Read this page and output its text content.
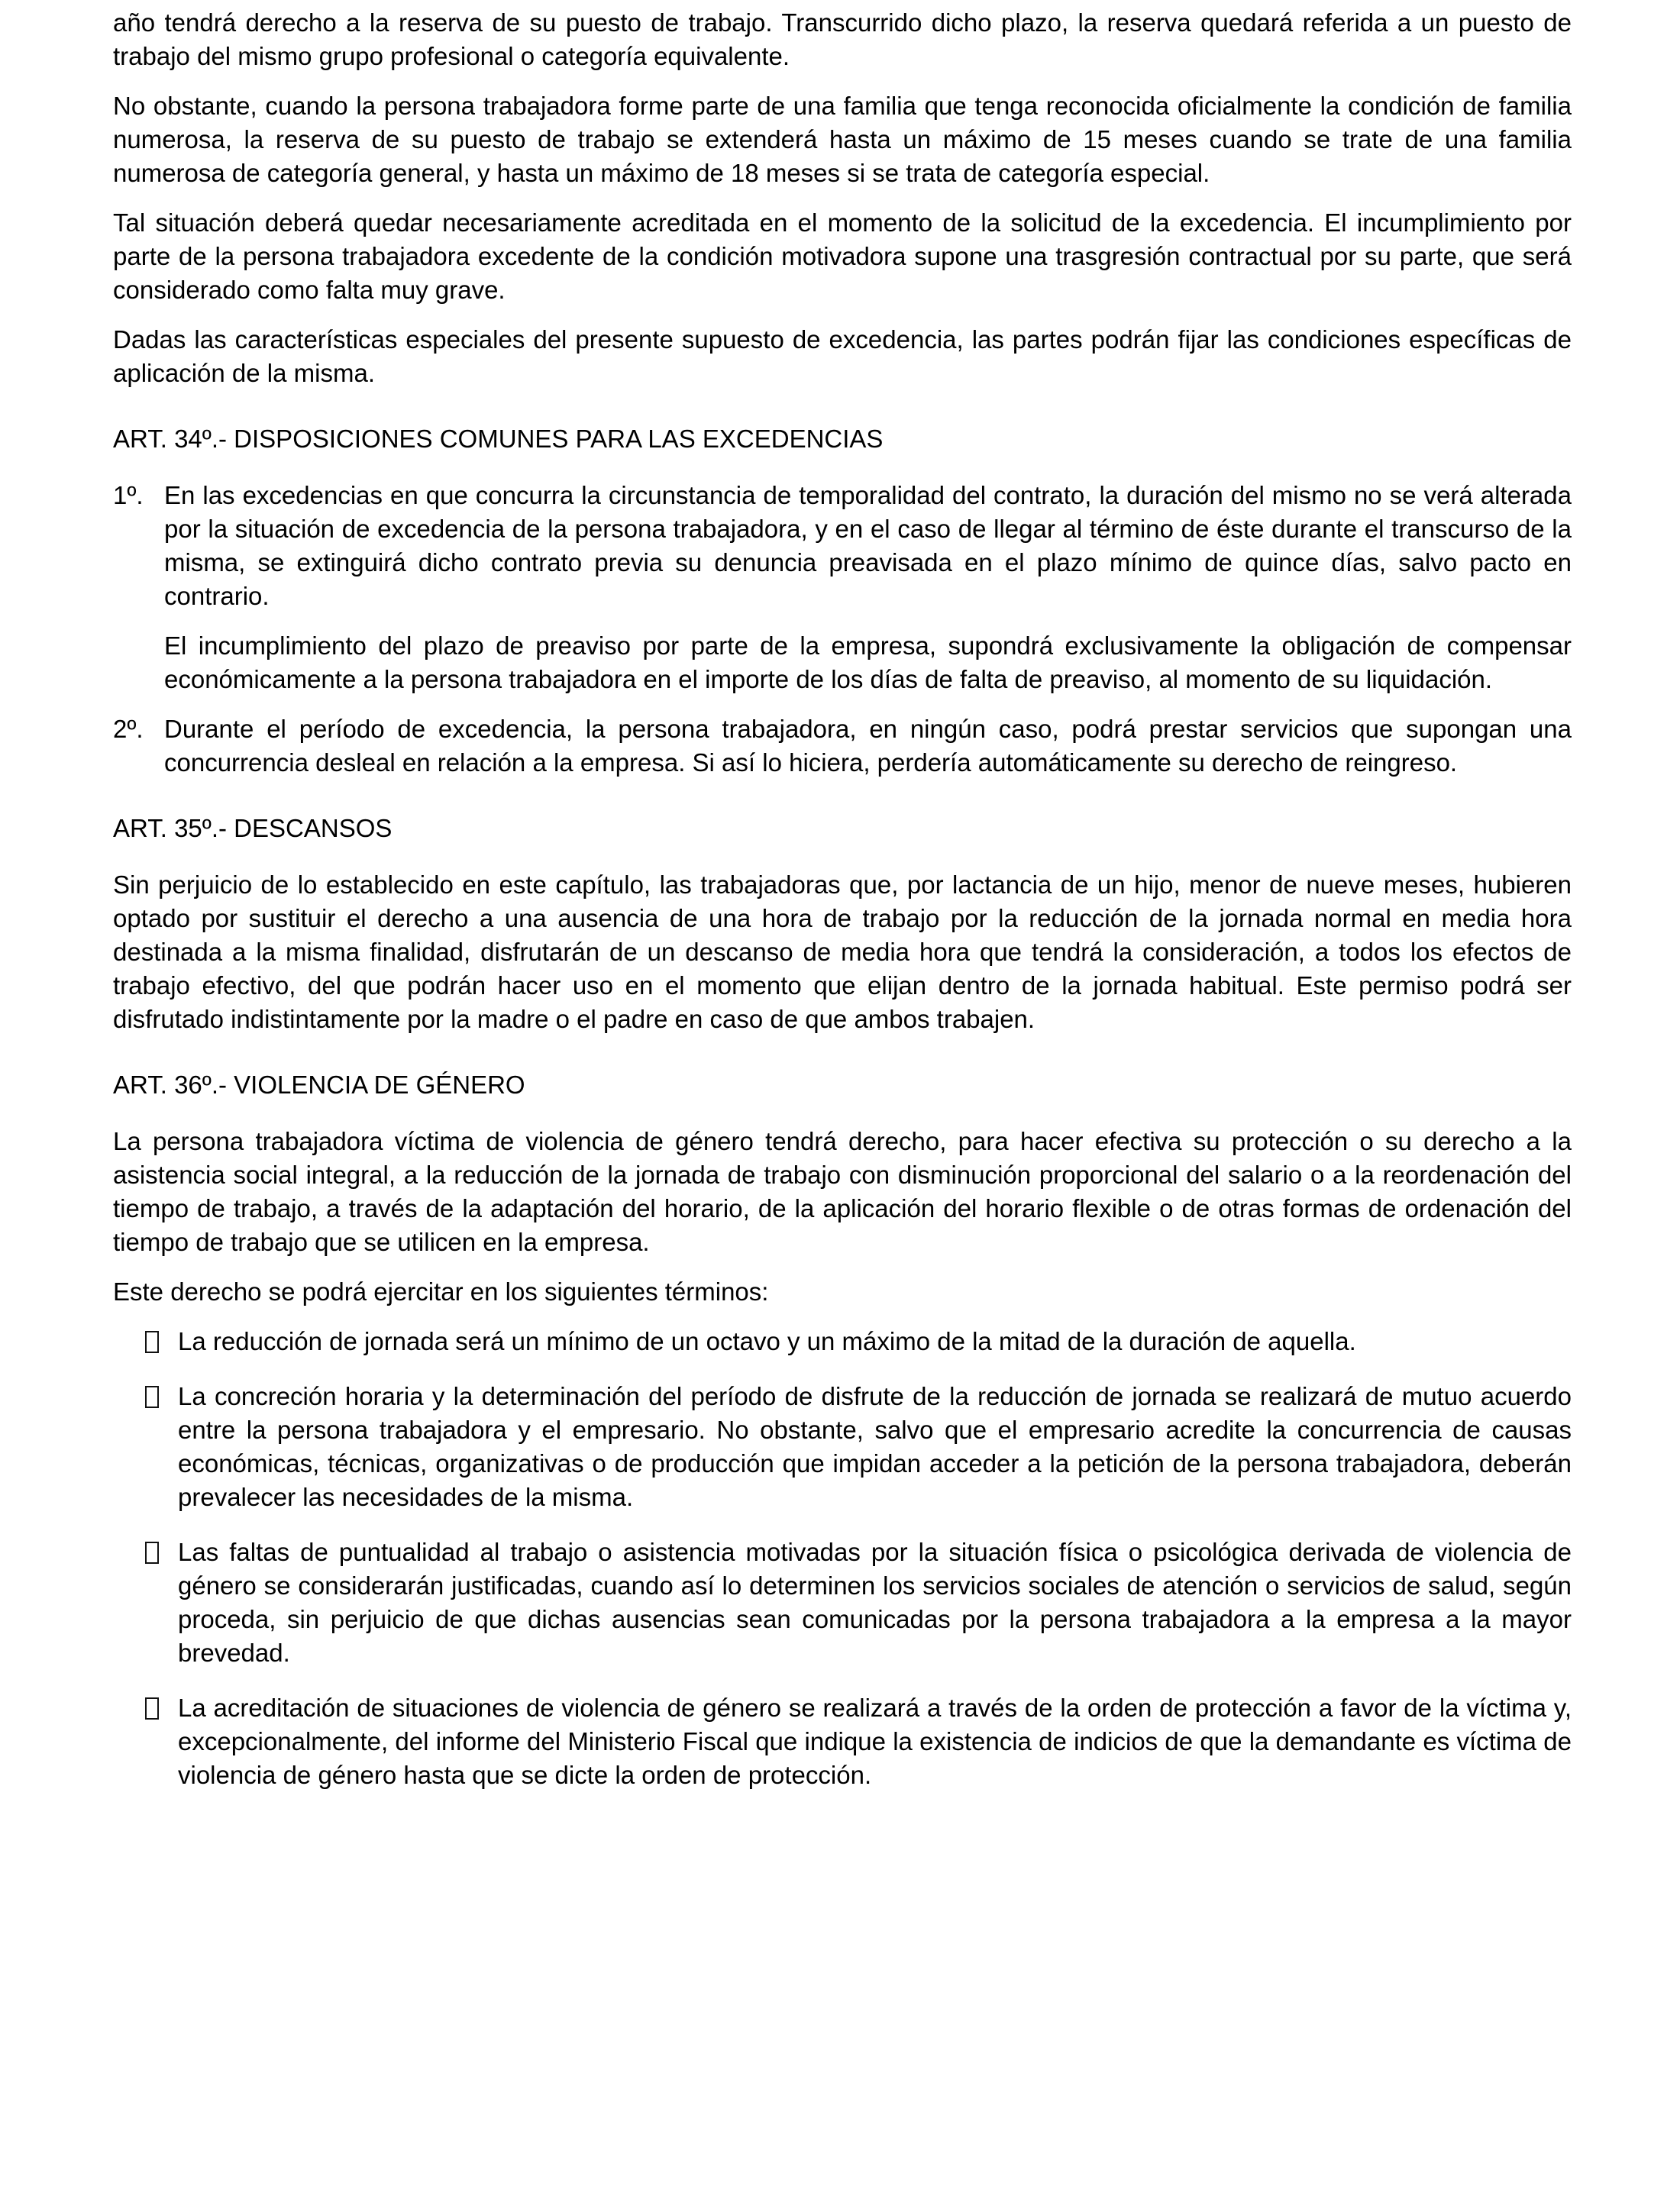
año tendrá derecho a la reserva de su puesto de trabajo. Transcurrido dicho plazo, la reserva quedará referida a un puesto de trabajo del mismo grupo profesional o categoría equivalente.

No obstante, cuando la persona trabajadora forme parte de una familia que tenga reconocida oficialmente la condición de familia numerosa, la reserva de su puesto de trabajo se extenderá hasta un máximo de 15 meses cuando se trate de una familia numerosa de categoría general, y hasta un máximo de 18 meses si se trata de categoría especial.

Tal situación deberá quedar necesariamente acreditada en el momento de la solicitud de la excedencia. El incumplimiento por parte de la persona trabajadora excedente de la condición motivadora supone una trasgresión contractual por su parte, que será considerado como falta muy grave.

Dadas las características especiales del presente supuesto de excedencia, las partes podrán fijar las condiciones específicas de aplicación de la misma.

ART. 34º.- DISPOSICIONES COMUNES PARA LAS EXCEDENCIAS
1º. En las excedencias en que concurra la circunstancia de temporalidad del contrato, la duración del mismo no se verá alterada por la situación de excedencia de la persona trabajadora, y en el caso de llegar al término de éste durante el transcurso de la misma, se extinguirá dicho contrato previa su denuncia preavisada en el plazo mínimo de quince días, salvo pacto en contrario.

El incumplimiento del plazo de preaviso por parte de la empresa, supondrá exclusivamente la obligación de compensar económicamente a la persona trabajadora en el importe de los días de falta de preaviso, al momento de su liquidación.

2º. Durante el período de excedencia, la persona trabajadora, en ningún caso, podrá prestar servicios que supongan una concurrencia desleal en relación a la empresa. Si así lo hiciera, perdería automáticamente su derecho de reingreso.

ART. 35º.- DESCANSOS

Sin perjuicio de lo establecido en este capítulo, las trabajadoras que, por lactancia de un hijo, menor de nueve meses, hubieren optado por sustituir el derecho a una ausencia de una hora de trabajo por la reducción de la jornada normal en media hora destinada a la misma finalidad, disfrutarán de un descanso de media hora que tendrá la consideración, a todos los efectos de trabajo efectivo, del que podrán hacer uso en el momento que elijan dentro de la jornada habitual. Este permiso podrá ser disfrutado indistintamente por la madre o el padre en caso de que ambos trabajen.

ART. 36º.- VIOLENCIA DE GÉNERO

La persona trabajadora víctima de violencia de género tendrá derecho, para hacer efectiva su protección o su derecho a la asistencia social integral, a la reducción de la jornada de trabajo con disminución proporcional del salario o a la reordenación del tiempo de trabajo, a través de la adaptación del horario, de la aplicación del horario flexible o de otras formas de ordenación del tiempo de trabajo que se utilicen en la empresa.

Este derecho se podrá ejercitar en los siguientes términos:

La reducción de jornada será un mínimo de un octavo y un máximo de la mitad de la duración de aquella.

La concreción horaria y la determinación del período de disfrute de la reducción de jornada se realizará de mutuo acuerdo entre la persona trabajadora y el empresario. No obstante, salvo que el empresario acredite la concurrencia de causas económicas, técnicas, organizativas o de producción que impidan acceder a la petición de la persona trabajadora, deberán prevalecer las necesidades de la misma.

Las faltas de puntualidad al trabajo o asistencia motivadas por la situación física o psicológica derivada de violencia de género se considerarán justificadas, cuando así lo determinen los servicios sociales de atención o servicios de salud, según proceda, sin perjuicio de que dichas ausencias sean comunicadas por la persona trabajadora a la empresa a la mayor brevedad.

La acreditación de situaciones de violencia de género se realizará a través de la orden de protección a favor de la víctima y, excepcionalmente, del informe del Ministerio Fiscal que indique la existencia de indicios de que la demandante es víctima de violencia de género hasta que se dicte la orden de protección.
